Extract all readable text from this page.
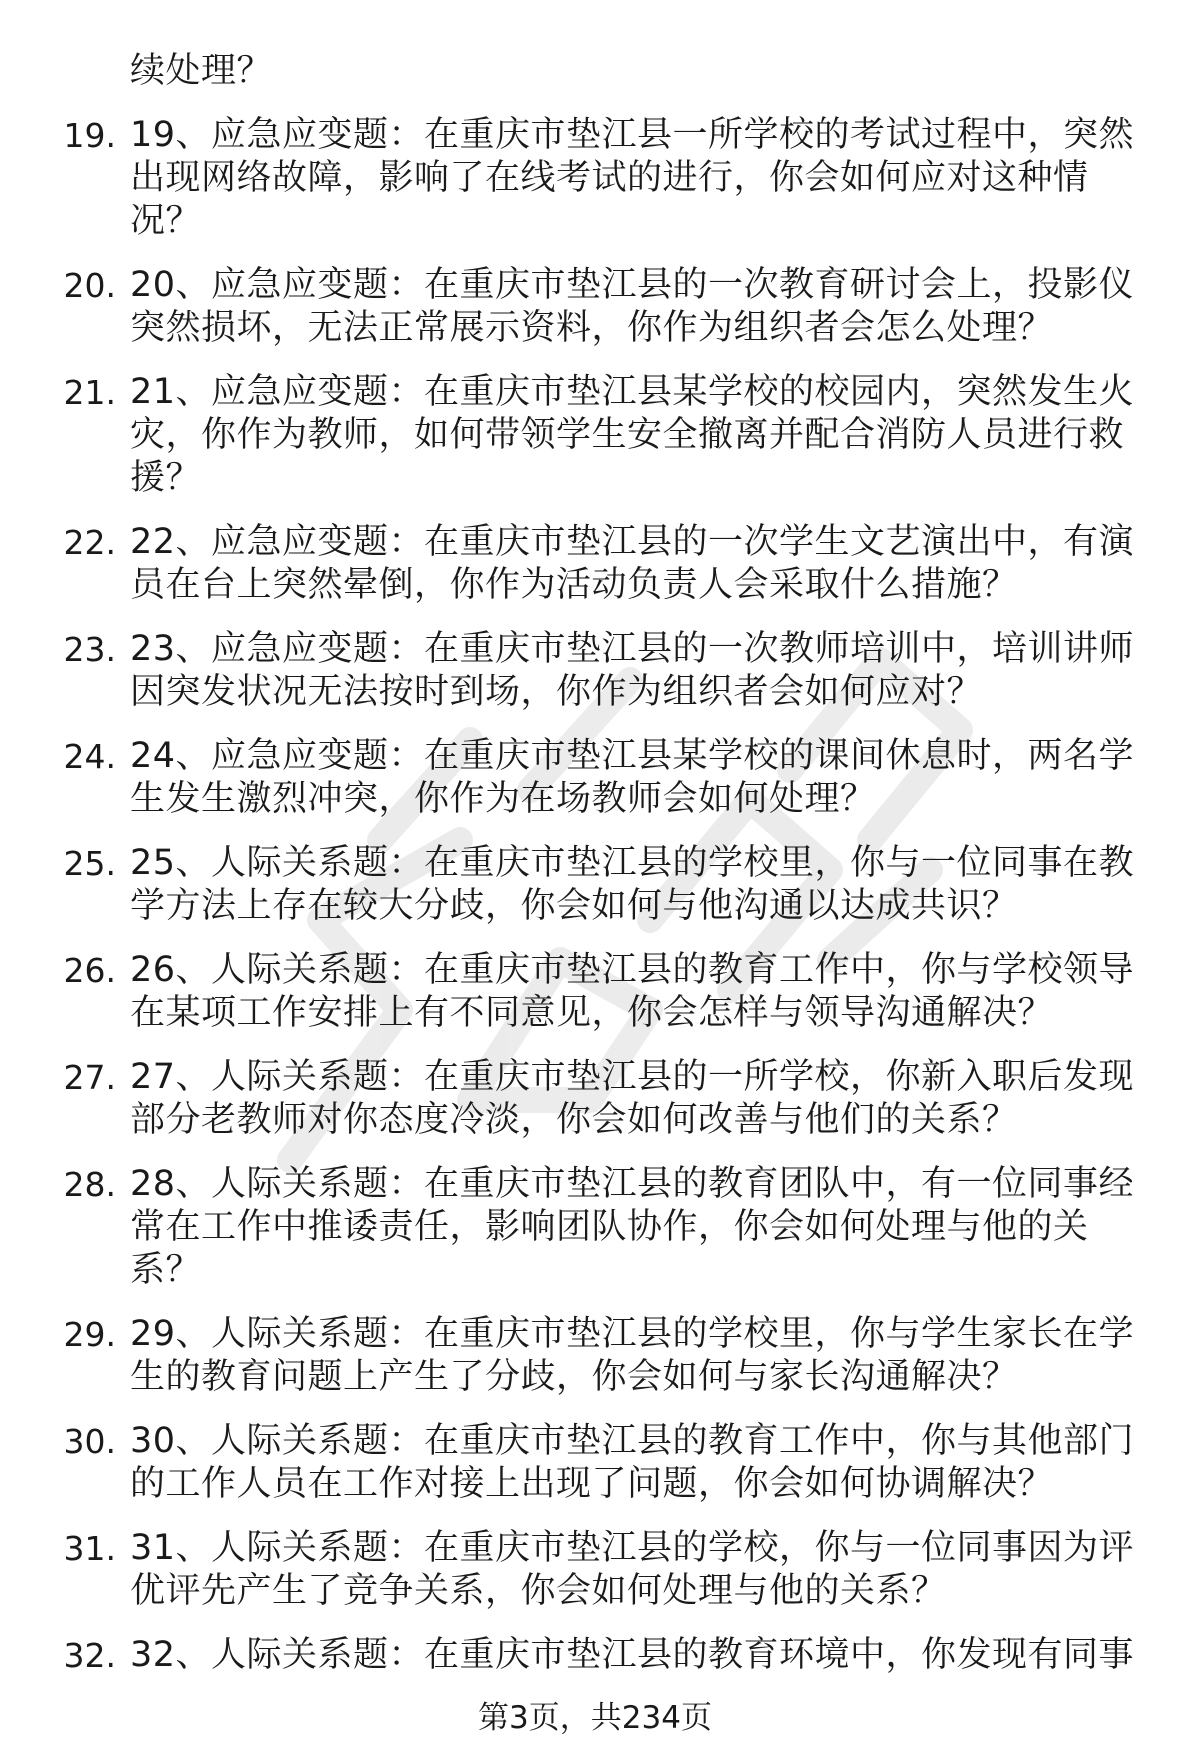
续处理？
19. 19、应急应变题：在重庆市垫江县一所学校的考试过程中，突然
出现网络故障，影响了在线考试的进行，你会如何应对这种情
况？
20. 20、应急应变题：在重庆市垫江县的一次教育研讨会上，投影仪
突然损坏，无法正常展示资料，你作为组织者会怎么处理？
21. 21、应急应变题：在重庆市垫江县某学校的校园内，突然发生火
灾，你作为教师，如何带领学生安全撤离并配合消防人员进行救
援？
22. 22、应急应变题：在重庆市垫江县的一次学生文艺演出中，有演
员在台上突然晕倒，你作为活动负责人会采取什么措施？
23. 23、应急应变题：在重庆市垫江县的一次教师培训中，培训讲师
因突发状况无法按时到场，你作为组织者会如何应对？
24. 24、应急应变题：在重庆市垫江县某学校的课间休息时，两名学
生发生激烈冲突，你作为在场教师会如何处理？
25. 25、人际关系题：在重庆市垫江县的学校里，你与一位同事在教
学方法上存在较大分歧，你会如何与他沟通以达成共识？
26. 26、人际关系题：在重庆市垫江县的教育工作中，你与学校领导
在某项工作安排上有不同意见，你会怎样与领导沟通解决？
27. 27、人际关系题：在重庆市垫江县的一所学校，你新入职后发现
部分老教师对你态度冷淡，你会如何改善与他们的关系？
28. 28、人际关系题：在重庆市垫江县的教育团队中，有一位同事经
常在工作中推诿责任，影响团队协作，你会如何处理与他的关
系？
29. 29、人际关系题：在重庆市垫江县的学校里，你与学生家长在学
生的教育问题上产生了分歧，你会如何与家长沟通解决？
30. 30、人际关系题：在重庆市垫江县的教育工作中，你与其他部门
的工作人员在工作对接上出现了问题，你会如何协调解决？
31. 31、人际关系题：在重庆市垫江县的学校，你与一位同事因为评
优评先产生了竞争关系，你会如何处理与他的关系？
32. 32、人际关系题：在重庆市垫江县的教育环境中，你发现有同事
第3页，共234页
